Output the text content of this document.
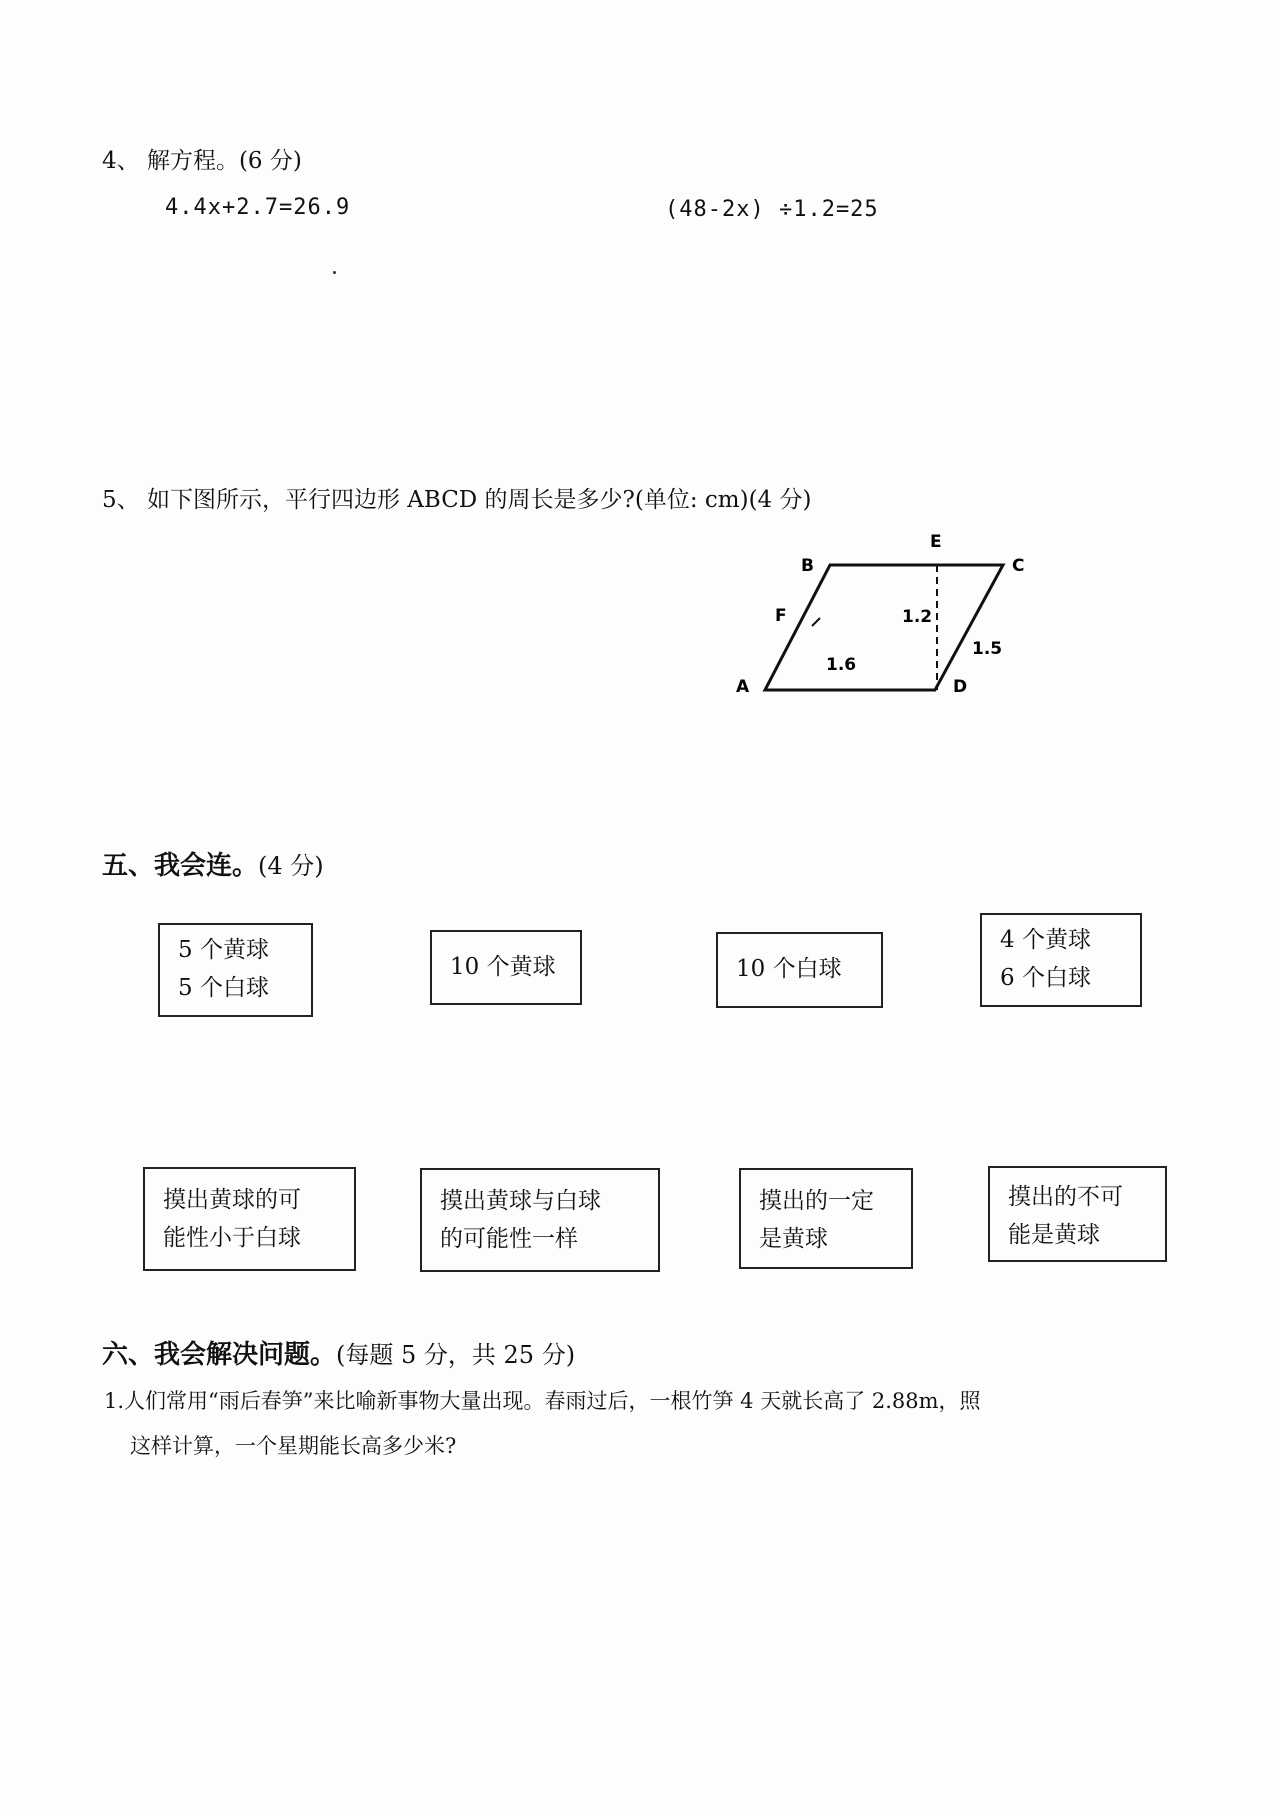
4、 解方程。(6 分)
4.4x+2.7=26.9	(48-2x) ÷1.2=25
5、 如下图所示，平行四边形 ABCD 的周长是多少?(单位: cm)(4 分)
A
B	C
D
E
F	1.2
1.6
1.5
五、我会连。(4 分)
5 个黄球
5 个白球
10 个黄球	10 个白球
4 个黄球
6 个白球
摸出黄球的可
能性小于白球
摸出黄球与白球
的可能性一样
摸出的一定
是黄球
摸出的不可
能是黄球
六、我会解决问题。(每题 5 分，共 25 分)
1.人们常用“雨后春笋”来比喻新事物大量出现。春雨过后，一根竹笋 4 天就长高了 2.88m，照
这样计算，一个星期能长高多少米?
